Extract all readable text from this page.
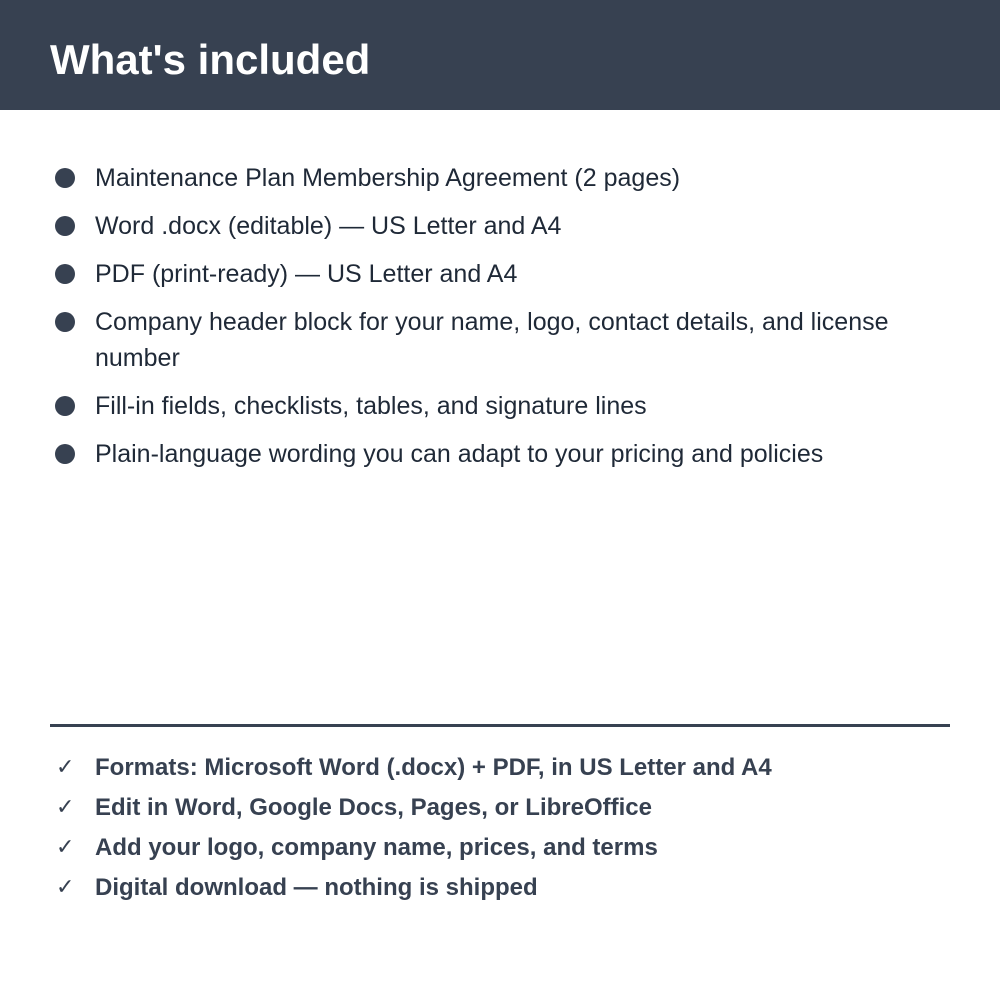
What's included
Maintenance Plan Membership Agreement (2 pages)
Word .docx (editable) — US Letter and A4
PDF (print-ready) — US Letter and A4
Company header block for your name, logo, contact details, and license number
Fill-in fields, checklists, tables, and signature lines
Plain-language wording you can adapt to your pricing and policies
✓ Formats: Microsoft Word (.docx) + PDF, in US Letter and A4
✓ Edit in Word, Google Docs, Pages, or LibreOffice
✓ Add your logo, company name, prices, and terms
✓ Digital download — nothing is shipped
